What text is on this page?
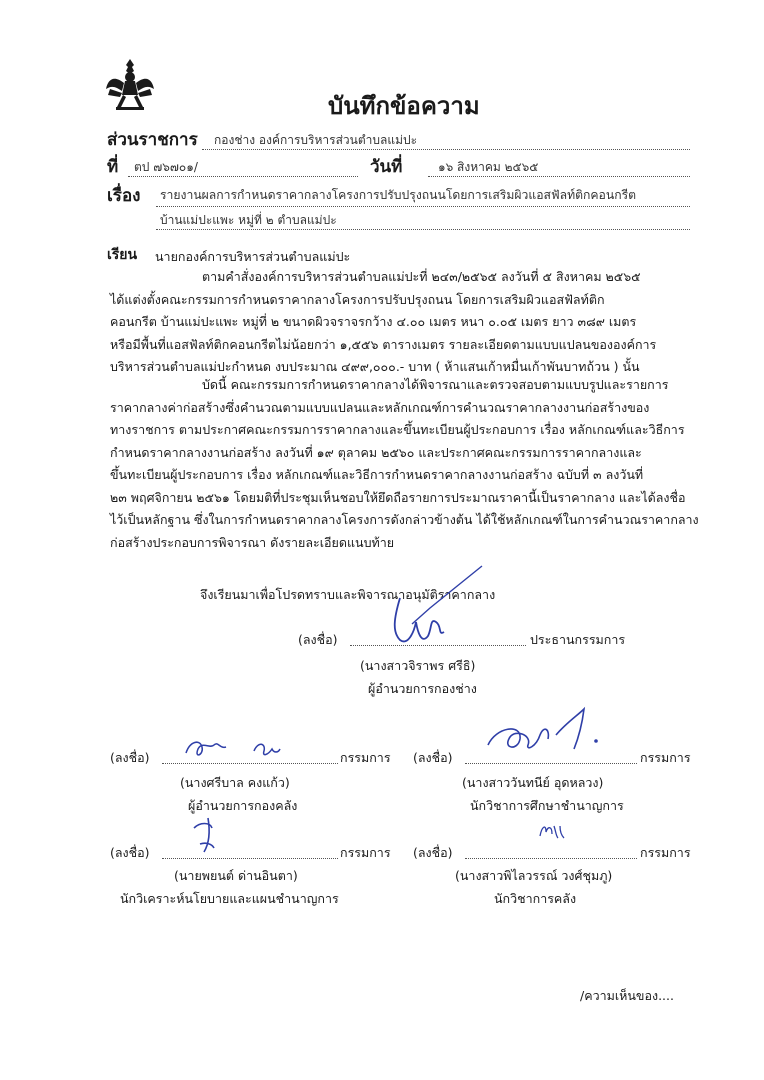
บันทึกข้อความ
ส่วนราชการ กองช่าง องค์การบริหารส่วนตำบลแม่ปะ
ที่ ตป ๗๖๗๐๑/	วันที่	๑๖ สิงหาคม ๒๕๖๕
เรื่อง รายงานผลการกำหนดราคากลางโครงการปรับปรุงถนนโดยการเสริมผิวแอสฟัลท์ติกคอนกรีต
บ้านแม่ปะแพะ หมู่ที่ ๒ ตำบลแม่ปะ
เรียน นายกองค์การบริหารส่วนตำบลแม่ปะ
ตามคำสั่งองค์การบริหารส่วนตำบลแม่ปะที่ ๒๔๓/๒๕๖๕ ลงวันที่ ๕ สิงหาคม ๒๕๖๕
ได้แต่งตั้งคณะกรรมการกำหนดราคากลางโครงการปรับปรุงถนน โดยการเสริมผิวแอสฟัลท์ติก
คอนกรีต บ้านแม่ปะแพะ หมู่ที่ ๒ ขนาดผิวจราจรกว้าง ๔.๐๐ เมตร หนา ๐.๐๕ เมตร ยาว ๓๘๙ เมตร
หรือมีพื้นที่แอสฟัลท์ติกคอนกรีตไม่น้อยกว่า ๑,๕๕๖ ตารางเมตร รายละเอียดตามแบบแปลนขององค์การ
บริหารส่วนตำบลแม่ปะกำหนด งบประมาณ ๔๙๙,๐๐๐.- บาท ( ห้าแสนเก้าหมื่นเก้าพันบาทถ้วน ) นั้น
บัดนี้ คณะกรรมการกำหนดราคากลางได้พิจารณาและตรวจสอบตามแบบรูปและรายการ
ราคากลางค่าก่อสร้างซึ่งคำนวณตามแบบแปลนและหลักเกณฑ์การคำนวณราคากลางงานก่อสร้างของ
ทางราชการ ตามประกาศคณะกรรมการราคากลางและขึ้นทะเบียนผู้ประกอบการ เรื่อง หลักเกณฑ์และวิธีการ
กำหนดราคากลางงานก่อสร้าง ลงวันที่ ๑๙ ตุลาคม ๒๕๖๐ และประกาศคณะกรรมการราคากลางและ
ขึ้นทะเบียนผู้ประกอบการ เรื่อง หลักเกณฑ์และวิธีการกำหนดราคากลางงานก่อสร้าง ฉบับที่ ๓ ลงวันที่
๒๓ พฤศจิกายน ๒๕๖๑ โดยมติที่ประชุมเห็นชอบให้ยึดถือรายการประมาณราคานี้เป็นราคากลาง และได้ลงชื่อ
ไว้เป็นหลักฐาน ซึ่งในการกำหนดราคากลางโครงการดังกล่าวข้างต้น ได้ใช้หลักเกณฑ์ในการคำนวณราคากลาง
ก่อสร้างประกอบการพิจารณา ดังรายละเอียดแนบท้าย
จึงเรียนมาเพื่อโปรดทราบและพิจารณาอนุมัติราคากลาง
(ลงชื่อ)	ประธานกรรมการ
(นางสาวจิราพร ศรีธิ)
ผู้อำนวยการกองช่าง
(ลงชื่อ)	กรรมการ
(นางศรีบาล คงแก้ว)
ผู้อำนวยการกองคลัง
(ลงชื่อ)	กรรมการ
(นางสาววันทนีย์ อุดหลวง)
นักวิชาการศึกษาชำนาญการ
(ลงชื่อ)	กรรมการ
(นายพยนต์ ด่านอินตา)
นักวิเคราะห์นโยบายและแผนชำนาญการ
(ลงชื่อ)	กรรมการ
(นางสาวพิไลวรรณ์ วงศ์ชุมภู)
นักวิชาการคลัง
/ความเห็นของ....
